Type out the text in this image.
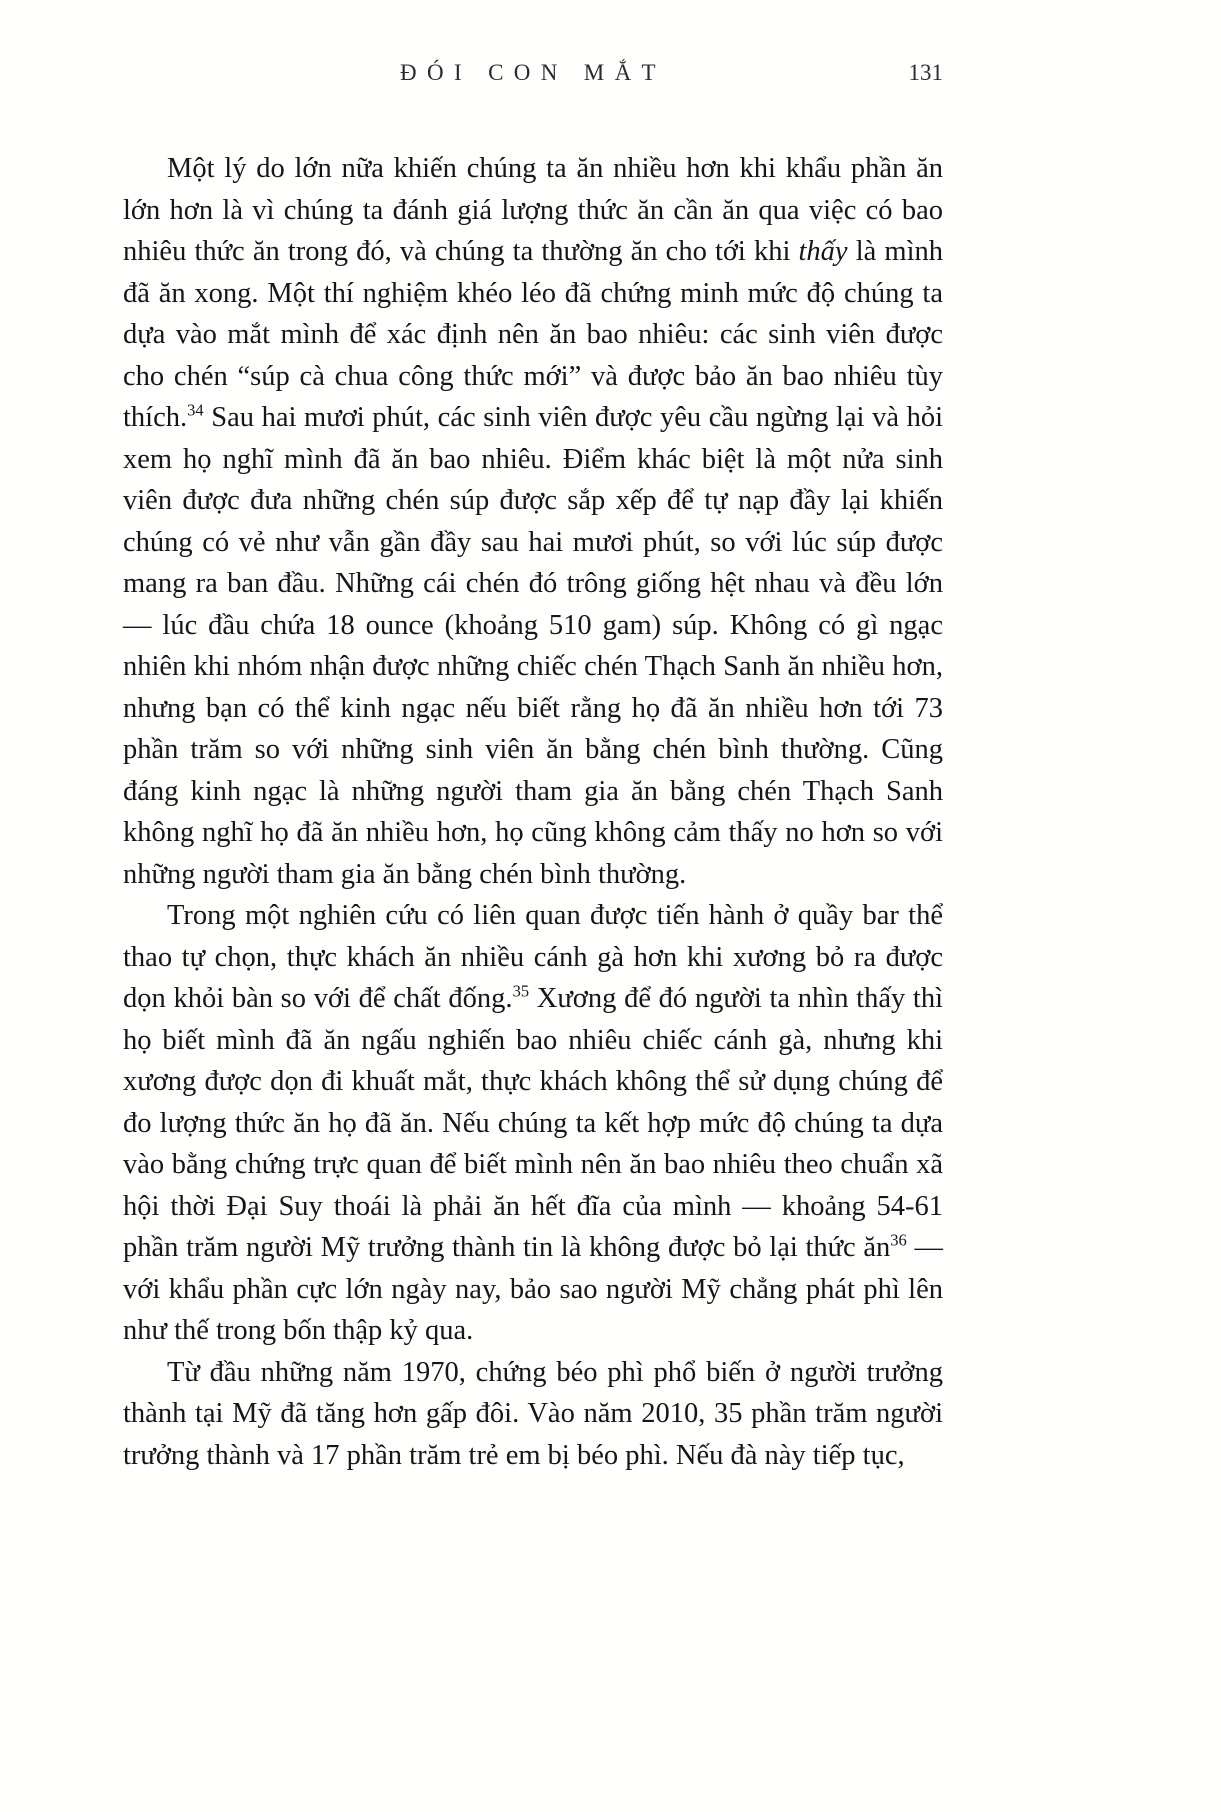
ĐÓI CON MẮT	131

Một lý do lớn nữa khiến chúng ta ăn nhiều hơn khi khẩu phần ăn lớn hơn là vì chúng ta đánh giá lượng thức ăn cần ăn qua việc có bao nhiêu thức ăn trong đó, và chúng ta thường ăn cho tới khi thấy là mình đã ăn xong. Một thí nghiệm khéo léo đã chứng minh mức độ chúng ta dựa vào mắt mình để xác định nên ăn bao nhiêu: các sinh viên được cho chén “súp cà chua công thức mới” và được bảo ăn bao nhiêu tùy thích.$^{34}$ Sau hai mươi phút, các sinh viên được yêu cầu ngừng lại và hỏi xem họ nghĩ mình đã ăn bao nhiêu. Điểm khác biệt là một nửa sinh viên được đưa những chén súp được sắp xếp để tự nạp đầy lại khiến chúng có vẻ như vẫn gần đầy sau hai mươi phút, so với lúc súp được mang ra ban đầu. Những cái chén đó trông giống hệt nhau và đều lớn — lúc đầu chứa 18 ounce (khoảng 510 gam) súp. Không có gì ngạc nhiên khi nhóm nhận được những chiếc chén Thạch Sanh ăn nhiều hơn, nhưng bạn có thể kinh ngạc nếu biết rằng họ đã ăn nhiều hơn tới 73 phần trăm so với những sinh viên ăn bằng chén bình thường. Cũng đáng kinh ngạc là những người tham gia ăn bằng chén Thạch Sanh không nghĩ họ đã ăn nhiều hơn, họ cũng không cảm thấy no hơn so với những người tham gia ăn bằng chén bình thường.

Trong một nghiên cứu có liên quan được tiến hành ở quầy bar thể thao tự chọn, thực khách ăn nhiều cánh gà hơn khi xương bỏ ra được dọn khỏi bàn so với để chất đống.$^{35}$ Xương để đó người ta nhìn thấy thì họ biết mình đã ăn ngấu nghiến bao nhiêu chiếc cánh gà, nhưng khi xương được dọn đi khuất mắt, thực khách không thể sử dụng chúng để đo lượng thức ăn họ đã ăn. Nếu chúng ta kết hợp mức độ chúng ta dựa vào bằng chứng trực quan để biết mình nên ăn bao nhiêu theo chuẩn xã hội thời Đại Suy thoái là phải ăn hết đĩa của mình — khoảng 54-61 phần trăm người Mỹ trưởng thành tin là không được bỏ lại thức $ăn^{36}$ — với khẩu phần cực lớn ngày nay, bảo sao người Mỹ chẳng phát phì lên như thế trong bốn thập kỷ qua.

Từ đầu những năm 1970, chứng béo phì phổ biến ở người trưởng thành tại Mỹ đã tăng hơn gấp đôi. Vào năm 2010, 35 phần trăm người trưởng thành và 17 phần trăm trẻ em bị béo phì. Nếu đà này tiếp tục,
